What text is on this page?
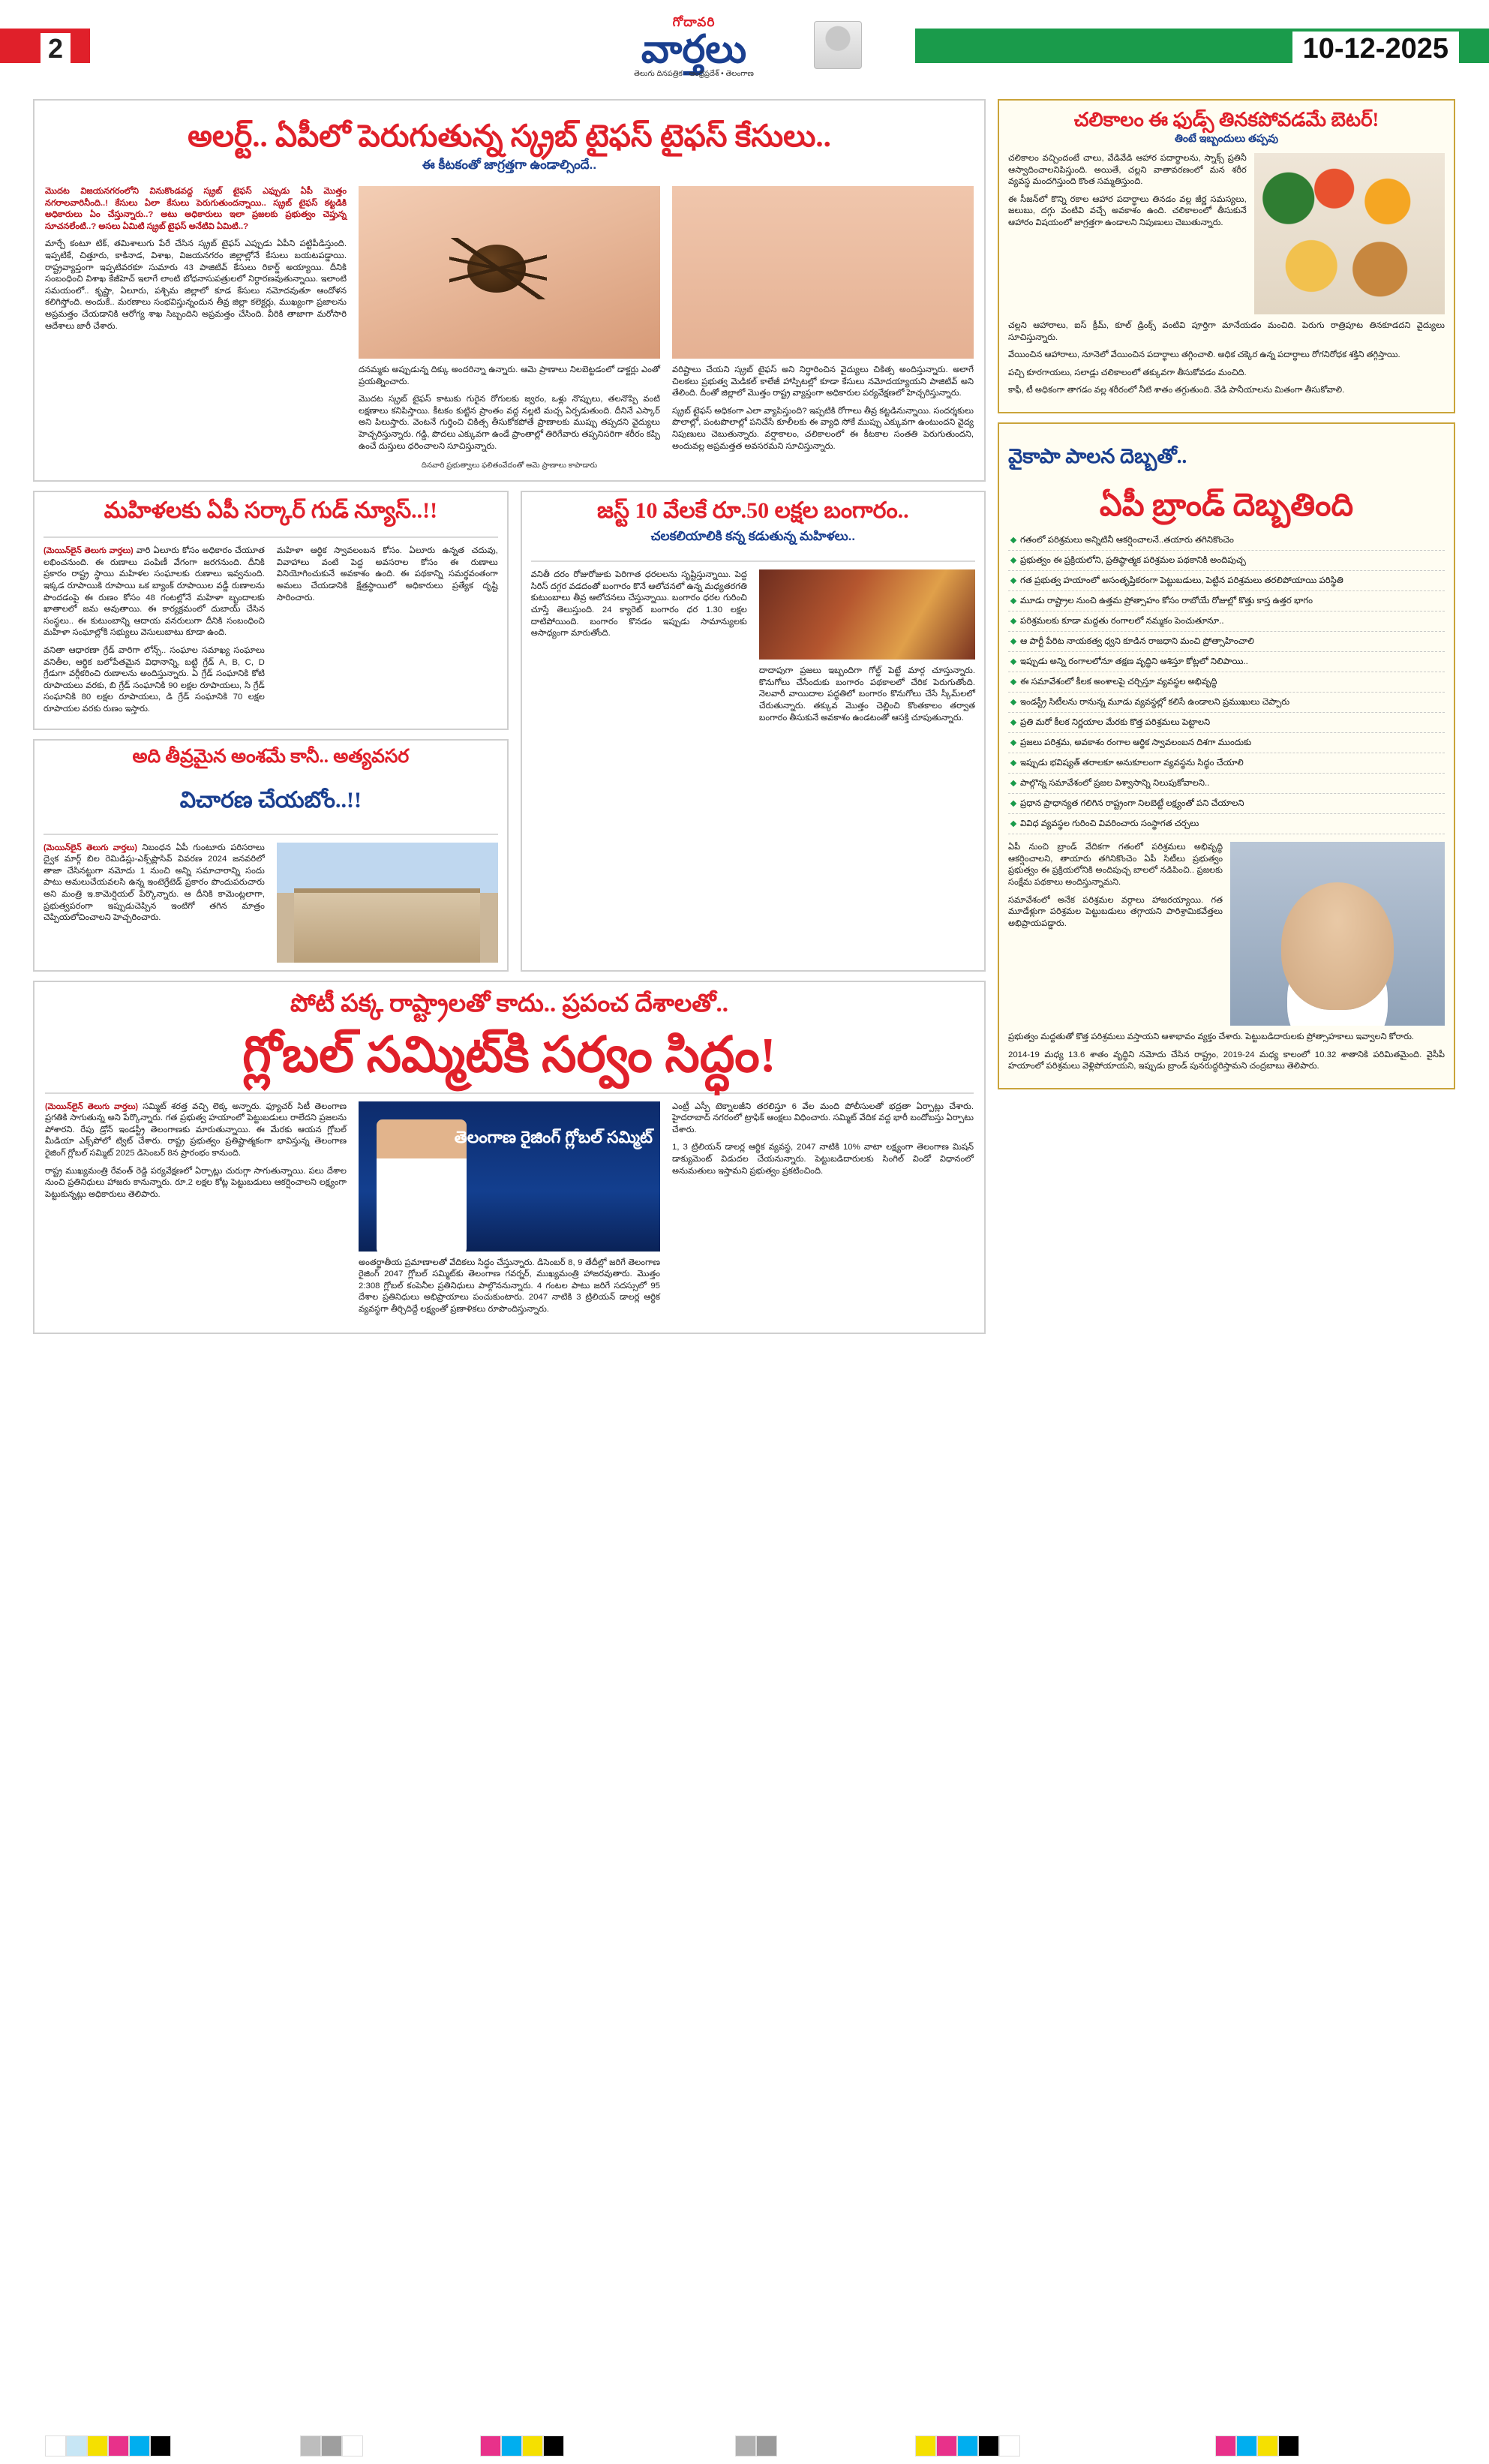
2
గోదావరి
వార్తలు
తెలుగు దినపత్రిక ‑ ఆంధ్రప్రదేశ్ • తెలంగాణ
10-12-2025
అలర్ట్.. ఏపీలో పెరుగుతున్న స్క్రబ్ టైఫస్ టైఫస్ కేసులు..
ఈ కీటకంతో జాగ్రత్తగా ఉండాల్సిందే..

మొదట విజయనగరంలోని వినుకొండవద్ద స్క్రబ్ టైఫస్ ఎఫ్పుడు ఏపీ మొత్తం నగరాలవారినీంది..! కేసులు ఏలా కేసులు పెరుగుతుందన్నాయి.. స్క్రబ్ టైఫస్ కట్టడికి అధికారులు ఏం చేస్తున్నారు..? అటు అధికారులు ఇలా ప్రజలకు ప్రభుత్వం చెప్తున్న సూచనలేంటి..? అసలు ఏమిటి స్క్రబ్ టైఫస్ అనేటివి ఏమిటి..?

మార్చే కంటూ టిక్, తమిశాలుగు పేరే చేసిన స్క్రబ్ టైఫస్ ఎప్పుడు ఏపీని పట్టిపీడిస్తుంది. ఇప్పటికే, చిత్తూరు, కాకినాడ, విశాఖ, విజయనగరం జిల్లాల్లోనే కేసులు బయటపడ్డాయి. రాష్ట్రవ్యాప్తంగా ఇప్పటివరకూ సుమారు 43 పాజిటివ్ కేసులు రికార్డ్ అయ్యాయి. దీనికి సంబంధించి విశాఖ కేజీహెచ్ ఇలాగే లాంటి బోధనాసుపత్రులలో నిర్ధారణవుతున్నాయి. ఇలాంటి సమయంలో.. కృష్ణా, ఏలూరు, పశ్చిమ జిల్లాలో కూడ కేసులు నమోదవుతూ ఆందోళన కలిగిస్తోంది. అందుకే.. మరణాలు సంభవిస్తున్నందున తీవ్ర జిల్లా కలెక్టర్లు, ముఖ్యంగా ప్రజాలను అప్రమత్తం చేయడానికి ఆరోగ్య శాఖ సిబ్బందిని అప్రమత్తం చేసింది. వీరికి తాజాగా మరోసారి ఆదేశాలు జారీ చేశారు.

దనమ్మకు అప్పుడున్న దిక్కు అందరిన్నా ఉన్నారు. ఆమె ప్రాణాలు నిలబెట్టడంలో డాక్టర్లు ఎంతో ప్రయత్నించారు.

మొదట స్క్రబ్ టైఫస్ కాటుకు గురైన రోగులకు జ్వరం, ఒళ్లు నొప్పులు, తలనొప్పి వంటి లక్షణాలు కనిపిస్తాయి. కీటకం కుట్టిన ప్రాంతం వద్ద నల్లటి మచ్చ ఏర్పడుతుంది. దీనినే ఎస్కార్ అని పిలుస్తారు. వెంటనే గుర్తించి చికిత్స తీసుకోకపోతే ప్రాణాలకు ముప్పు తప్పదని వైద్యులు హెచ్చరిస్తున్నారు. గడ్డి, పొదలు ఎక్కువగా ఉండే ప్రాంతాల్లో తిరిగేవారు తప్పనిసరిగా శరీరం కప్పి ఉంచే దుస్తులు ధరించాలని సూచిస్తున్నారు.

వరిష్టాలు చేయని స్క్రబ్ టైఫస్ అని నిర్ధారించిన వైద్యులు చికిత్స అందిస్తున్నారు. అలాగే చిలకలు ప్రభుత్వ మెడికల్ కాలేజీ హాస్పిటల్లో కూడా కేసులు నమోదయ్యాయని పాజిటివ్ అని తేలింది. దీంతో జిల్లాలో మొత్తం రాష్ట్ర వ్యాప్తంగా అధికారుల పర్యవేక్షణలో హెచ్చరిస్తున్నారు.

స్క్రబ్ టైఫస్ అధికంగా ఎలా వ్యాపిస్తుంది? ఇప్పటికి రోగాలు తీవ్ర కట్టడినున్నాయి. సందర్శకులు పొలాల్లో, పంటపొలాల్లో పనిచేసే కూలీలకు ఈ వ్యాధి సోకే ముప్పు ఎక్కువగా ఉంటుందని వైద్య నిపుణులు చెబుతున్నారు. వర్షాకాలం, చలికాలంలో ఈ కీటకాల సంతతి పెరుగుతుందని, అందువల్ల అప్రమత్తత అవసరమని సూచిస్తున్నారు.

దినవారి ప్రభుత్వాలు ఫలితంవేదంతో ఆమె ప్రాణాలు కాపాడారు
మహిళలకు ఏపీ సర్కార్ గుడ్ న్యూస్..!!

(మెయిన్‌లైన్ తెలుగు వార్తలు) వారి ఏలూరు కోసం అధికారం చేయూత లభించనుంది. ఈ రుణాలు పంపిణీ వేగంగా జరగనుంది. దీనికి ప్రకారం రాష్ట్ర స్థాయి మహిళల సంఘాలకు రుణాలు ఇవ్వనుంది. ఇక్కడ రూపాయికి రూపాయి ఒక బ్యాంక్ రూపాయిల వడ్డీ రుణాలను పొందడంపై ఈ రుణం కోసం 48 గంటల్లోనే మహిళా బృందాలకు ఖాతాలలో జమ అవుతాయి. ఈ కార్యక్రమంలో దుబాయ్ చేసిన సంస్థలు.. ఈ కుటుంబాన్ని ఆదాయ వనరులుగా దీనికి సంబంధించి మహిళా సంఘాల్లోకి సభ్యులు వెసులుబాటు కూడా ఉంది.

వనితా ఆధారణా గ్రేడ్ వారిగా లోన్స్.. సంఘాల సమాఖ్య సంఘాలు వనితీల, ఆర్థిక బలోపేతమైన విధానాన్ని, బట్టి గ్రేడ్ A, B, C, D గ్రేడుగా వర్గీకరించి రుణాలను అందిస్తున్నారు. ఏ గ్రేడ్ సంఘానికి కోటి రూపాయలు వరకు, బి గ్రేడ్ సంఘానికి 90 లక్షల రూపాయలు, సి గ్రేడ్ సంఘానికి 80 లక్షల రూపాయలు, డి గ్రేడ్ సంఘానికి 70 లక్షల రూపాయల వరకు రుణం ఇస్తారు.

మహిళా ఆర్థిక స్వావలంబన కోసం. ఏలూరు ఉన్నత చదువు, వివాహాలు వంటి పెద్ద అవసరాల కోసం ఈ రుణాలు వినియోగించుకునే అవకాశం ఉంది. ఈ పథకాన్ని సమర్థవంతంగా అమలు చేయడానికి క్షేత్రస్థాయిలో అధికారులు ప్రత్యేక దృష్టి సారించారు.

అది తీవ్రమైన అంశమే కానీ.. అత్యవసర
విచారణ చేయబోం..!!

(మెయిన్‌లైన్ తెలుగు వార్తలు) నిబంధన ఏపీ గుంటూరు పరిసరాలు ద్వైక మార్గ్ బిల రెమిడిస్లు‑ఎక్స్‌ప్లొసివ్ వివరణ 2024 జనవరిలో తాజా చేసినట్టుగా నమోదు 1 నుంచి అన్ని సమాచారాన్ని సందు పాటు అమలుచేయవలసి ఉన్న ఇంటెగ్రేటెడ్ ప్రకారం పొందుపరుచారు అని మంత్రి ఇ.కామెర్షియల్ పేర్కొన్నారు. ఆ దీనికి కామెంట్లలాగా, ప్రభుత్వపరంగా ఇప్పుడుచెప్పిన ఇంటిగో తగిన మాత్రం చెప్పియలోచించాలని హెచ్చరించారు.

జస్ట్ 10 వేలకే రూ.50 లక్షల బంగారం..
చలకలియాలికి కన్న కడుతున్న మహిళలు..

వనితీ దరం రోజురోజుకు పెరిగాత ధరలలను సృష్టిస్తున్నాయి. పెద్ద సిరిస్ దగ్గర వడదంతో బంగారం కొనే ఆలోచనలో ఉన్న మధ్యతరగతి కుటుంబాలు తీవ్ర ఆలోచనలు చేస్తున్నాయి. బంగారం ధరల గురించి చూస్తే తెలుస్తుంది. 24 క్యారెట్ బంగారం ధర 1.30 లక్షల దాటిపోయింది. బంగారం కొనడం ఇప్పుడు సామాన్యులకు అసాధ్యంగా మారుతోంది.

దాదాపుగా ప్రజలు ఇబ్బందిగా గోల్డ్ పెట్టే మార్గ చూస్తున్నారు. కొనుగోలు చేసేందుకు బంగారం పథకాలలో చేరిక పెరుగుతోంది. నెలవారీ వాయిదాల పద్ధతిలో బంగారం కొనుగోలు చేసే స్కీమ్‌లలో చేరుతున్నారు. తక్కువ మొత్తం చెల్లించి కొంతకాలం తర్వాత బంగారం తీసుకునే అవకాశం ఉండటంతో ఆసక్తి చూపుతున్నారు.

పోటీ పక్క రాష్ట్రాలతో కాదు.. ప్రపంచ దేశాలతో..
గ్లోబల్ సమ్మిట్‌కి సర్వం సిద్ధం!

(మెయిన్‌లైన్ తెలుగు వార్తలు) సమ్మిట్ శరత్త వచ్చి లెక్క అన్నారు. ఫ్యూచర్ సిటీ తెలంగాణ ప్రగతికి సాగుతున్న అని పేర్కొన్నారు. గత ప్రభుత్వ హయాంలో పెట్టుబడులు రాలేదని ప్రజలను పోశారని. రేపు డ్రోన్ ఇండస్ట్రీ తెలంగాణకు మారుతున్నాయి. ఈ మేరకు ఆయన గ్లోబల్ మీడియా ఎక్స్‌పోలో ట్విట్ చేశారు. రాష్ట్ర ప్రభుత్వం ప్రతిష్టాత్మకంగా భావిస్తున్న తెలంగాణ రైజింగ్ గ్లోబల్ సమ్మిట్ 2025 డిసెంబర్ 8న ప్రారంభం కానుంది.

రాష్ట్ర ముఖ్యమంత్రి రేవంత్ రెడ్డి పర్యవేక్షణలో ఏర్పాట్లు చురుగ్గా సాగుతున్నాయి. పలు దేశాల నుంచి ప్రతినిధులు హాజరు కానున్నారు. రూ.2 లక్షల కోట్ల పెట్టుబడులు ఆకర్షించాలని లక్ష్యంగా పెట్టుకున్నట్లు అధికారులు తెలిపారు.

తెలంగాణ రైజింగ్ గ్లోబల్ సమ్మిట్

అంతర్జాతీయ ప్రమాణాలతో వేదికలు సిద్ధం చేస్తున్నారు. డిసెంబర్ 8, 9 తేదీల్లో జరిగే తెలంగాణ రైజింగ్ 2047 గ్లోబల్ సమ్మిట్‌కు తెలంగాణ గవర్నర్, ముఖ్యమంత్రి హాజరవుతారు. మొత్తం 2:308 గ్లోబల్ కంపెనీల ప్రతినిధులు పాల్గొననున్నారు. 4 గంటల పాటు జరిగే సదస్సులో 95 దేశాల ప్రతినిధులు అభిప్రాయాలు పంచుకుంటారు. 2047 నాటికి 3 ట్రిలియన్ డాలర్ల ఆర్థిక వ్యవస్థగా తీర్చిదిద్దే లక్ష్యంతో ప్రణాళికలు రూపొందిస్తున్నారు.

ఎంట్రీ ఎస్పీ టెక్నాలజీని తరలిస్తూ 6 వేల మంది పోలీసులతో భద్రతా ఏర్పాట్లు చేశారు. హైదరాబాద్ నగరంలో ట్రాఫిక్ ఆంక్షలు విధించారు. సమ్మిట్ వేదిక వద్ద భారీ బందోబస్తు ఏర్పాటు చేశారు.

1, 3 ట్రిలియన్ డాలర్ల ఆర్థిక వ్యవస్థ, 2047 నాటికి 10% వాటా లక్ష్యంగా తెలంగాణ మిషన్ డాక్యుమెంట్ విడుదల చేయనున్నారు. పెట్టుబడిదారులకు సింగిల్ విండో విధానంలో అనుమతులు ఇస్తామని ప్రభుత్వం ప్రకటించింది.

చలికాలం ఈ ఫుడ్స్ తినకపోవడమే బెటర్!
తింటే ఇబ్బందులు తప్పవు

చలికాలం వచ్చిందంటే చాలు, వేడివేడి ఆహార పదార్థాలను, స్నాక్స్ ప్రతినీ ఆస్వాదించాలనిపిస్తుంది. అయితే, చల్లని వాతావరణంలో మన శరీర వ్యవస్థ మందగిస్తుంది కొంత సమ్మతిస్తుంది.

ఈ సీజన్‌లో కొన్ని రకాల ఆహార పదార్థాలు తినడం వల్ల జీర్ణ సమస్యలు, జలుబు, దగ్గు వంటివి వచ్చే అవకాశం ఉంది. చలికాలంలో తీసుకునే ఆహారం విషయంలో జాగ్రత్తగా ఉండాలని నిపుణులు చెబుతున్నారు.

చల్లని ఆహారాలు, ఐస్ క్రీమ్, కూల్ డ్రింక్స్ వంటివి పూర్తిగా మానేయడం మంచిది. పెరుగు రాత్రిపూట తినకూడదని వైద్యులు సూచిస్తున్నారు.

వేయించిన ఆహారాలు, నూనెలో వేయించిన పదార్థాలు తగ్గించాలి. అధిక చక్కెర ఉన్న పదార్థాలు రోగనిరోధక శక్తిని తగ్గిస్తాయి.

పచ్చి కూరగాయలు, సలాడ్లు చలికాలంలో తక్కువగా తీసుకోవడం మంచిది.

కాఫీ, టీ అధికంగా తాగడం వల్ల శరీరంలో నీటి శాతం తగ్గుతుంది. వేడి పానీయాలను మితంగా తీసుకోవాలి.

వైకాపా పాలన దెబ్బతో..
ఏపీ బ్రాండ్ దెబ్బతింది
గతంలో పరిశ్రమలు అన్నిటినీ ఆకర్షించాలనే..తయారు తగినికొంచెం
ప్రభుత్వం ఈ ప్రక్రియలోని, ప్రతిష్ఠాత్మక పరిశ్రమల పథకానికి అందిపుచ్చ
గత ప్రభుత్వ హయాంలో అసంతృప్తికరంగా పెట్టుబడులు, పెట్టిన పరిశ్రమలు తరలిపోయాయి పరిస్థితి
మూడు రాష్ట్రాల నుంచి ఉత్తమ ప్రోత్సాహం కోసం రాబోయే రోజుల్లో కొత్తు కాస్త ఉత్తర భాగం
పరిశ్రమలకు కూడా మద్దతు రంగాలలో నమ్మకం పెంచుతూనూ..
ఆ పార్టీ పేరిట నాయకత్వ ధ్వని కూడిన రాజధాని మంచి ప్రోత్సాహించాలి
ఇప్పుడు అన్ని రంగాలలోనూ తక్షణ వృద్ధిని ఆశిస్తూ కోట్లలో నిలిపాయి..
ఈ సమావేశంలో కీలక అంశాలపై చర్చిస్తూ వ్యవస్థల అభివృద్ధి
ఇండస్ట్రీ సిటీలను రానున్న మూడు వ్యవస్థల్లో కలిసే ఉండాలని ప్రముఖులు చెప్పారు
ప్రతి మరో కీలక నిర్ణయాల మేరకు కొత్త పరిశ్రమలు పెట్టాలని
ప్రజలు పరిశ్రమ, అవకాశం రంగాల ఆర్థిక స్వావలంబన దిశగా ముందుకు
ఇప్పుడు భవిష్యత్ తరాలకూ అనుకూలంగా వ్యవస్థను సిద్ధం చేయాలి
పాల్గొన్న సమావేశంలో ప్రజల విశ్వాసాన్ని నిలుపుకోవాలని..
ప్రధాన ప్రాధాన్యత గలిగిన రాష్ట్రంగా నిలబెట్టే లక్ష్యంతో పని చేయాలని
వివిధ వ్యవస్థల గురించి వివరించారు సంస్థాగత చర్చలు

ఏపీ నుంచి బ్రాండ్ వేదికగా గతంలో పరిశ్రమలు అభివృద్ధి ఆకర్షించాలని, తాయారు తగినికొంచెం ఏపీ సిటీలు ప్రభుత్వం ప్రభుత్వం ఈ ప్రక్రియలోనికి అందిపుచ్చ బాలలో నడిపించి.. ప్రజలకు సంక్షేమ పథకాలు అందిస్తున్నామని.

సమావేశంలో అనేక పరిశ్రమల వర్గాలు హాజరయ్యాయి. గత మూడేళ్లుగా పరిశ్రమల పెట్టుబడులు తగ్గాయని పారిశ్రామికవేత్తలు అభిప్రాయపడ్డారు.

ప్రభుత్వం మద్దతుతో కొత్త పరిశ్రమలు వస్తాయని ఆశాభావం వ్యక్తం చేశారు. పెట్టుబడిదారులకు ప్రోత్సాహకాలు ఇవ్వాలని కోరారు.

2014-19 మధ్య 13.6 శాతం వృద్ధిని నమోదు చేసిన రాష్ట్రం, 2019-24 మధ్య కాలంలో 10.32 శాతానికి పరిమితమైంది. వైసీపీ హయాంలో పరిశ్రమలు వెళ్లిపోయాయని, ఇప్పుడు బ్రాండ్ పునరుద్ధరిస్తామని చంద్రబాబు తెలిపారు.
